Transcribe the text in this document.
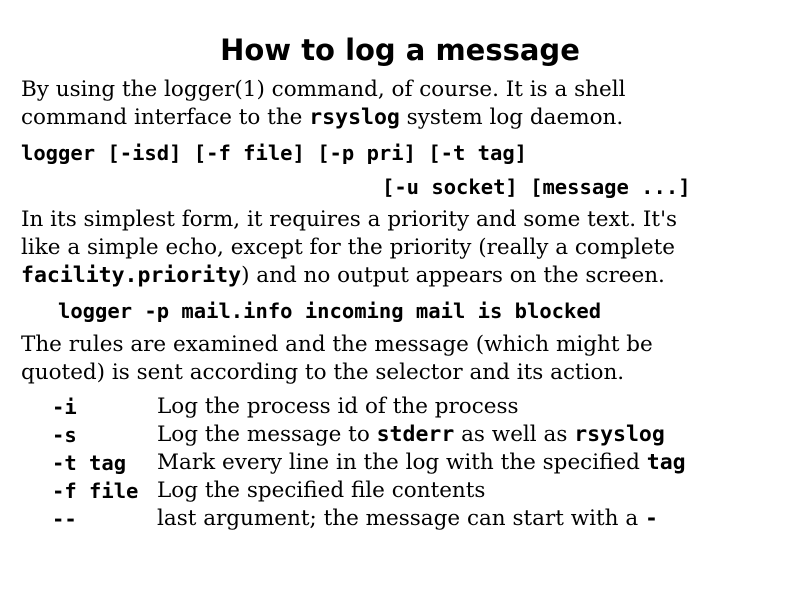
How to log a message

By using the logger(1) command, of course. It is a shell
command interface to the rsyslog system log daemon.

logger [-isd] [-f file] [-p pri] [-t tag]

[-u socket] [message ...]

In its simplest form, it requires a priority and some text. It's
like a simple echo, except for the priority (really a complete
facility.priority) and no output appears on the screen.

logger -p mail.info incoming mail is blocked

The rules are examined and the message (which might be
quoted) is sent according to the selector and its action.

-i	Log the process id of the process
-s	Log the message to stderr as well as rsyslog
-t tag	Mark every line in the log with the specified tag
-f file	Log the specified file contents
--	last argument; the message can start with a -
